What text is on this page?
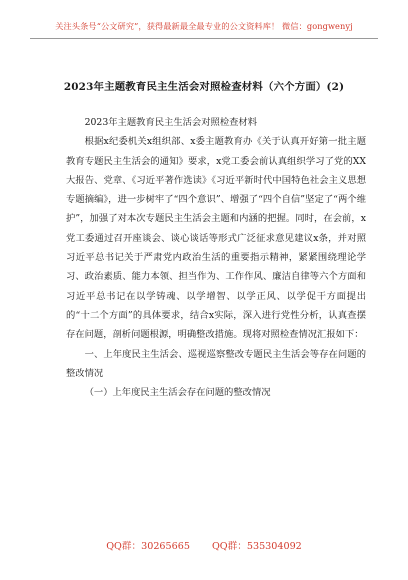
关注头条号“公文研究”，获得最新最全最专业的公文资料库！ 微信：gongwenyj
2023年主题教育民主生活会对照检查材料（六个方面）(2)

2023年主题教育民主生活会对照检查材料

根据x纪委机关x组织部、x委主题教育办《关于认真开好第一批主题教育专题民主生活会的通知》要求，x党工委会前认真组织学习了党的XX大报告、党章、《习近平著作选读》《习近平新时代中国特色社会主义思想专题摘编》，进一步树牢了“四个意识”、增强了“四个自信”坚定了“两个维护”，加强了对本次专题民主生活会主题和内涵的把握。同时，在会前，x党工委通过召开座谈会、谈心谈话等形式广泛征求意见建议x条，并对照习近平总书记关于严肃党内政治生活的重要指示精神，紧紧围绕理论学习、政治素质、能力本领、担当作为、工作作风、廉洁自律等六个方面和习近平总书记在以学铸魂、以学增智、以学正风、以学促干方面提出的“十二个方面”的具体要求，结合x实际，深入进行党性分析，认真查摆存在问题，剖析问题根源，明确整改措施。现将对照检查情况汇报如下：

一、上年度民主生活会、巡视巡察整改专题民主生活会等存在问题的整改情况

（一）上年度民主生活会存在问题的整改情况

QQ群：30265665 QQ群：535304092
